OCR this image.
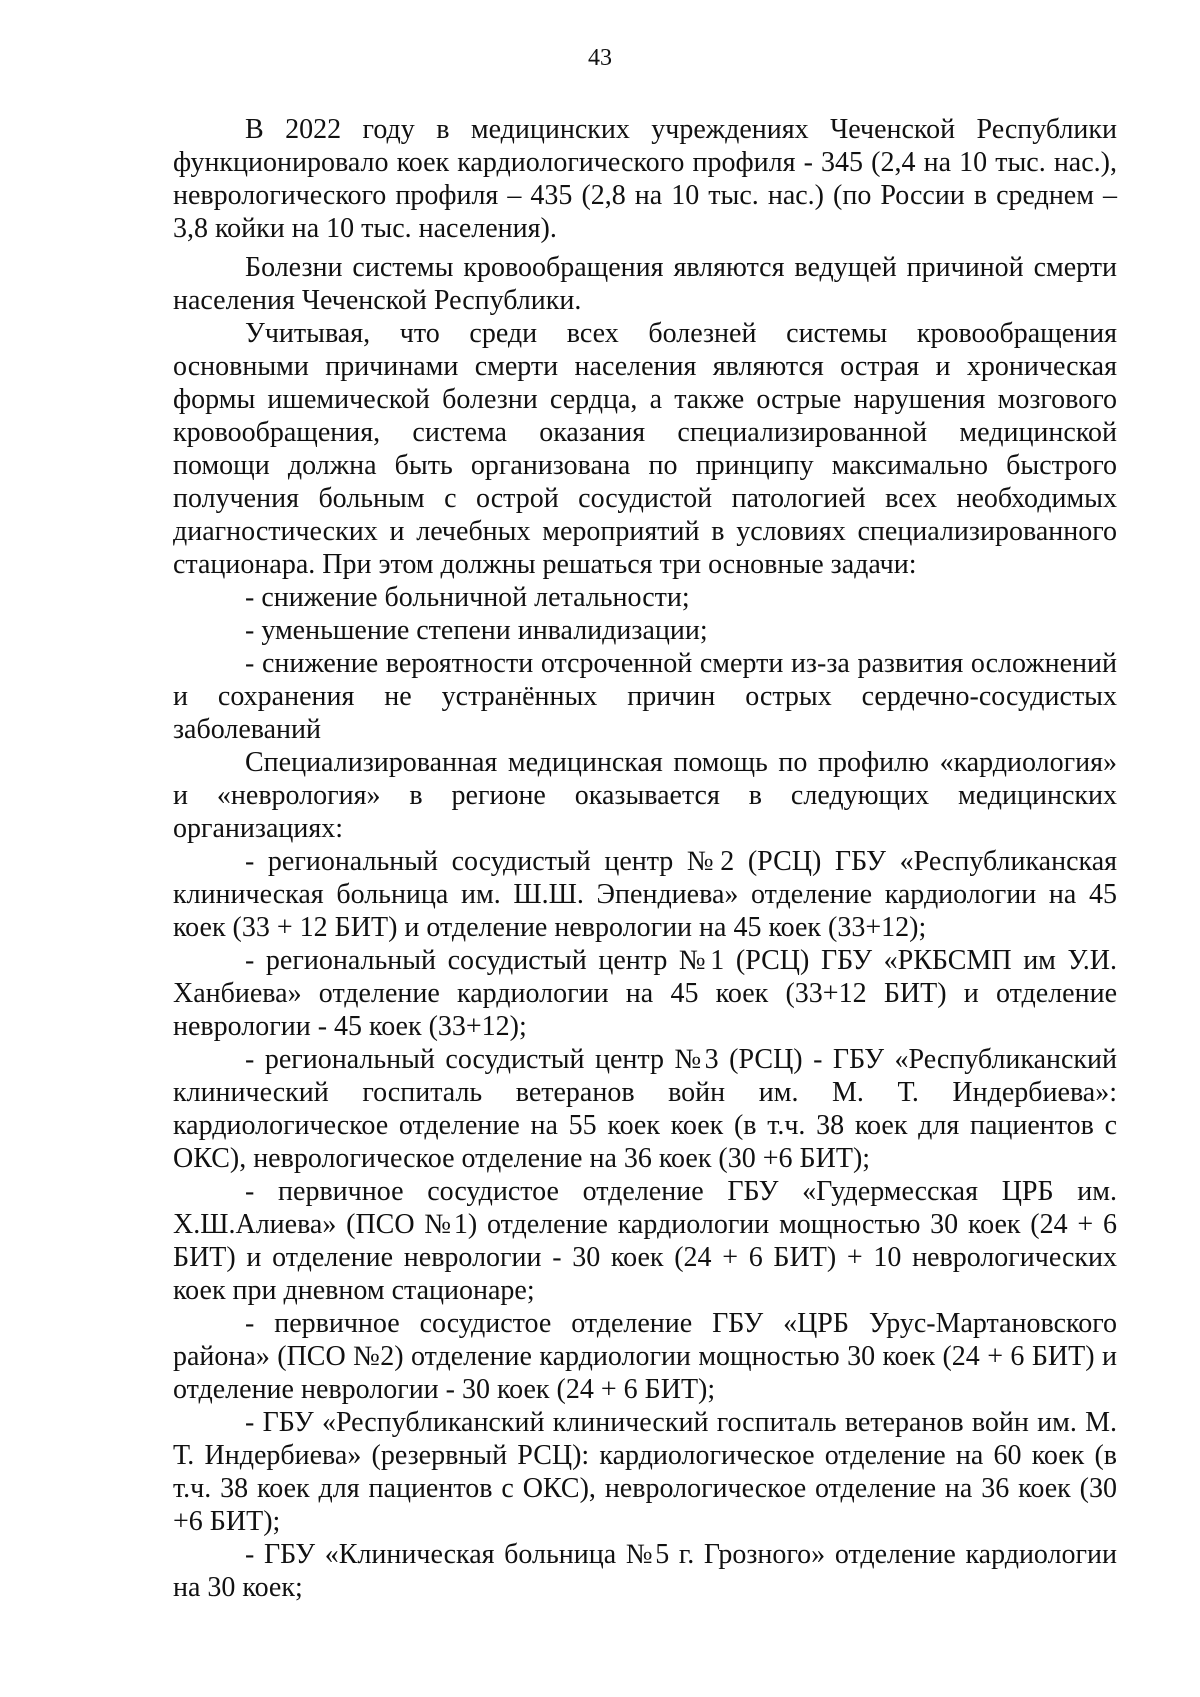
43

В 2022 году в медицинских учреждениях Чеченской Республики функционировало коек кардиологического профиля - 345 (2,4 на 10 тыс. нас.), неврологического профиля – 435 (2,8 на 10 тыс. нас.) (по России в среднем – 3,8 койки на 10 тыс. населения).

Болезни системы кровообращения являются ведущей причиной смерти населения Чеченской Республики.

Учитывая, что среди всех болезней системы кровообращения основными причинами смерти населения являются острая и хроническая формы ишемической болезни сердца, а также острые нарушения мозгового кровообращения, система оказания специализированной медицинской помощи должна быть организована по принципу максимально быстрого получения больным с острой сосудистой патологией всех необходимых диагностических и лечебных мероприятий в условиях специализированного стационара. При этом должны решаться три основные задачи:

- снижение больничной летальности;

- уменьшение степени инвалидизации;

- снижение вероятности отсроченной смерти из-за развития осложнений и сохранения не устранённых причин острых сердечно-сосудистых заболеваний

Специализированная медицинская помощь по профилю «кардиология» и «неврология» в регионе оказывается в следующих медицинских организациях:

- региональный сосудистый центр №2 (РСЦ) ГБУ «Республиканская клиническая больница им. Ш.Ш. Эпендиева» отделение кардиологии на 45 коек (33 + 12 БИТ) и отделение неврологии на 45 коек (33+12);

- региональный сосудистый центр №1 (РСЦ) ГБУ «РКБСМП им У.И. Ханбиева» отделение кардиологии на 45 коек (33+12 БИТ) и отделение неврологии - 45 коек (33+12);

- региональный сосудистый центр №3 (РСЦ) - ГБУ «Республиканский клинический госпиталь ветеранов войн им. М. Т. Индербиева»: кардиологическое отделение на 55 коек коек (в т.ч. 38 коек для пациентов с ОКС), неврологическое отделение на 36 коек (30 +6 БИТ);

- первичное сосудистое отделение ГБУ «Гудермесская ЦРБ им. Х.Ш.Алиева» (ПСО №1) отделение кардиологии мощностью 30 коек (24 + 6 БИТ) и отделение неврологии - 30 коек (24 + 6 БИТ) + 10 неврологических коек при дневном стационаре;

- первичное сосудистое отделение ГБУ «ЦРБ Урус-Мартановского района» (ПСО №2) отделение кардиологии мощностью 30 коек (24 + 6 БИТ) и отделение неврологии - 30 коек (24 + 6 БИТ);

- ГБУ «Республиканский клинический госпиталь ветеранов войн им. М. Т. Индербиева» (резервный РСЦ): кардиологическое отделение на 60 коек (в т.ч. 38 коек для пациентов с ОКС), неврологическое отделение на 36 коек (30 +6 БИТ);

- ГБУ «Клиническая больница №5 г. Грозного» отделение кардиологии на 30 коек;
